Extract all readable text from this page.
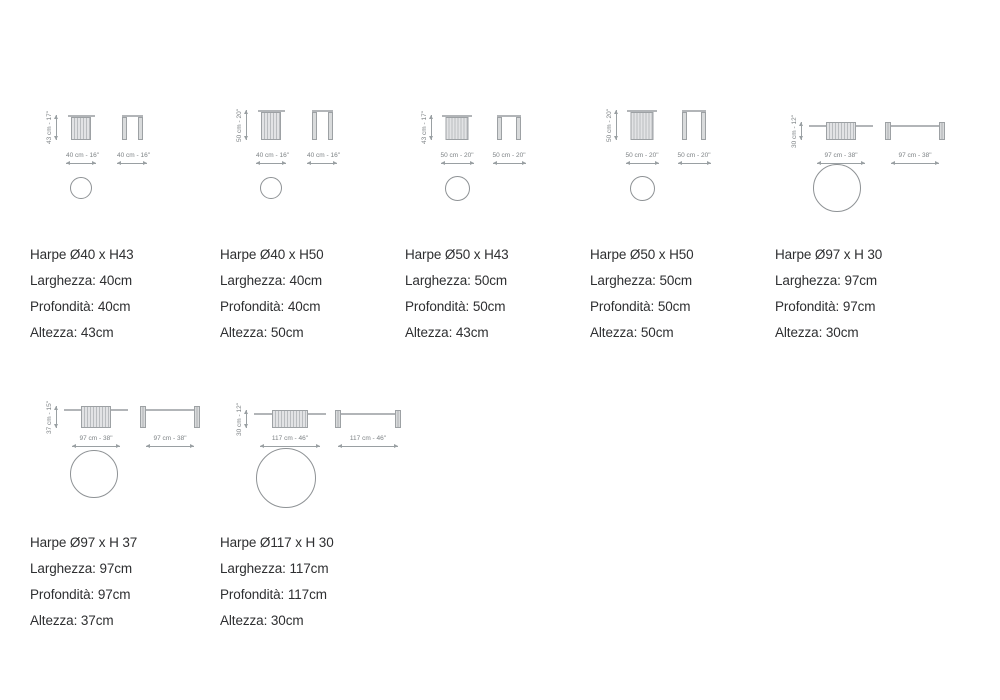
43 cm - 17"
40 cm - 16"	40 cm - 16"
Harpe Ø40 x H43
Larghezza: 40cm
Profondità: 40cm
Altezza: 43cm
50 cm - 20"
40 cm - 16"	40 cm - 16"
Harpe Ø40 x H50
Larghezza: 40cm
Profondità: 40cm
Altezza: 50cm
43 cm - 17"
50 cm - 20"	50 cm - 20"
Harpe Ø50 x H43
Larghezza: 50cm
Profondità: 50cm
Altezza: 43cm
50 cm - 20"
50 cm - 20"	50 cm - 20"
Harpe Ø50 x H50
Larghezza: 50cm
Profondità: 50cm
Altezza: 50cm
30 cm - 12"
97 cm - 38"	97 cm - 38"
Harpe Ø97 x H 30
Larghezza: 97cm
Profondità: 97cm
Altezza: 30cm
37 cm - 15"
97 cm - 38"	97 cm - 38"
Harpe Ø97 x H 37
Larghezza: 97cm
Profondità: 97cm
Altezza: 37cm
30 cm - 12"
117 cm - 46"	117 cm - 46"
Harpe Ø117 x H 30
Larghezza: 117cm
Profondità: 117cm
Altezza: 30cm
